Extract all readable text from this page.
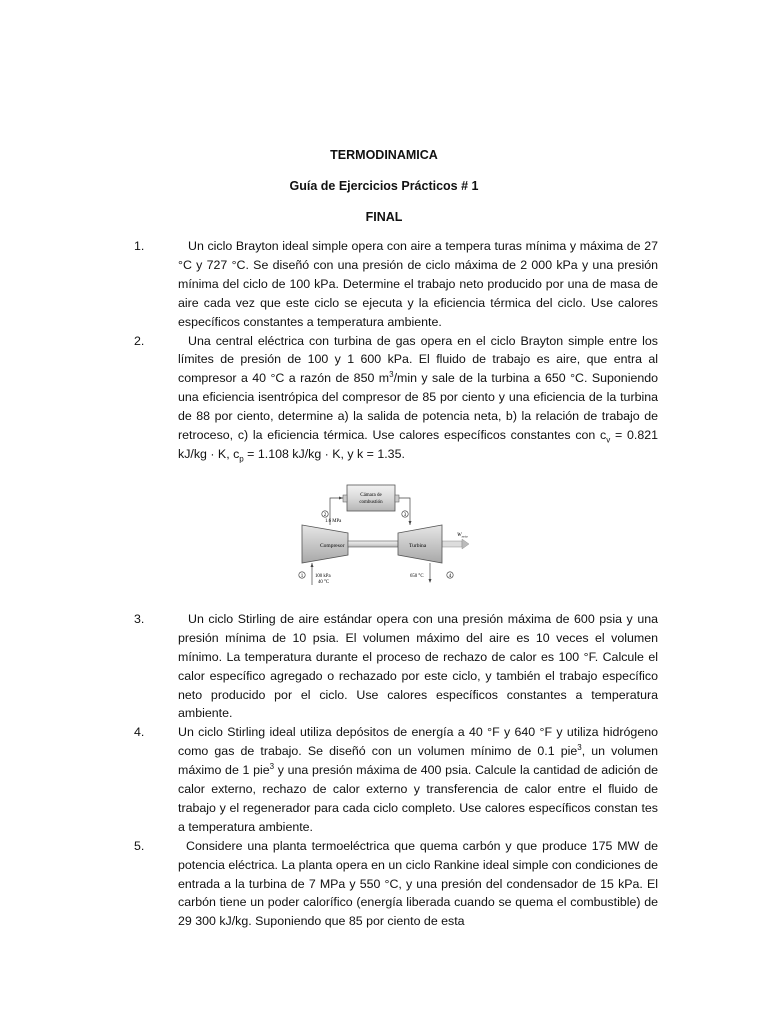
TERMODINAMICA
Guía de Ejercicios Prácticos # 1
FINAL
1.	Un ciclo Brayton ideal simple opera con aire a tempera turas mínima y máxima de 27 °C y 727 °C. Se diseñó con una presión de ciclo máxima de 2 000 kPa y una presión mínima del ciclo de 100 kPa. Determine el trabajo neto producido por una de masa de aire cada vez que este ciclo se ejecuta y la eficiencia térmica del ciclo. Use calores específicos constantes a temperatura ambiente.

2.	Una central eléctrica con turbina de gas opera en el ciclo Brayton simple entre los límites de presión de 100 y 1 600 kPa. El fluido de trabajo es aire, que entra al compresor a 40 °C a razón de 850 $m^3/\min$ y sale de la turbina a 650 °C. Suponiendo una eficiencia isentrópica del compresor de 85 por ciento y una eficiencia de la turbina de 88 por ciento, determine a) la salida de potencia neta, b) la relación de trabajo de retroceso, c) la eficiencia térmica. Use calores específicos constantes con $c_v = 0.821$ kJ/kg · K, $c_p = 1.108$ kJ/kg · K, y k = 1.35.

3.	Un ciclo Stirling de aire estándar opera con una presión máxima de 600 psia y una presión mínima de 10 psia. El volumen máximo del aire es 10 veces el volumen mínimo. La temperatura durante el proceso de rechazo de calor es 100 °F. Calcule el calor específico agregado o rechazado por este ciclo, y también el trabajo específico neto producido por el ciclo. Use calores específicos constantes a temperatura ambiente.

4.	Un ciclo Stirling ideal utiliza depósitos de energía a 40 °F y 640 °F y utiliza hidrógeno como gas de trabajo. Se diseñó con un volumen mínimo de 0.1 pie$^3$, un volumen máximo de 1 pie$^3$ y una presión máxima de 400 psia. Calcule la cantidad de adición de calor externo, rechazo de calor externo y transferencia de calor entre el fluido de trabajo y el regenerador para cada ciclo completo. Use calores específicos constan tes a temperatura ambiente.

5.	Considere una planta termoeléctrica que quema carbón y que produce 175 MW de potencia eléctrica. La planta opera en un ciclo Rankine ideal simple con condiciones de entrada a la turbina de 7 MPa y 550 °C, y una presión del condensador de 15 kPa. El carbón tiene un poder calorífico (energía liberada cuando se quema el combustible) de 29 300 kJ/kg. Suponiendo que 85 por ciento de esta

Cámara de
combustión
Compresor	Turbina
$W_{neto}$
2	3
1	4
1.6 MPa
100 kPa
40 °C
650 °C
